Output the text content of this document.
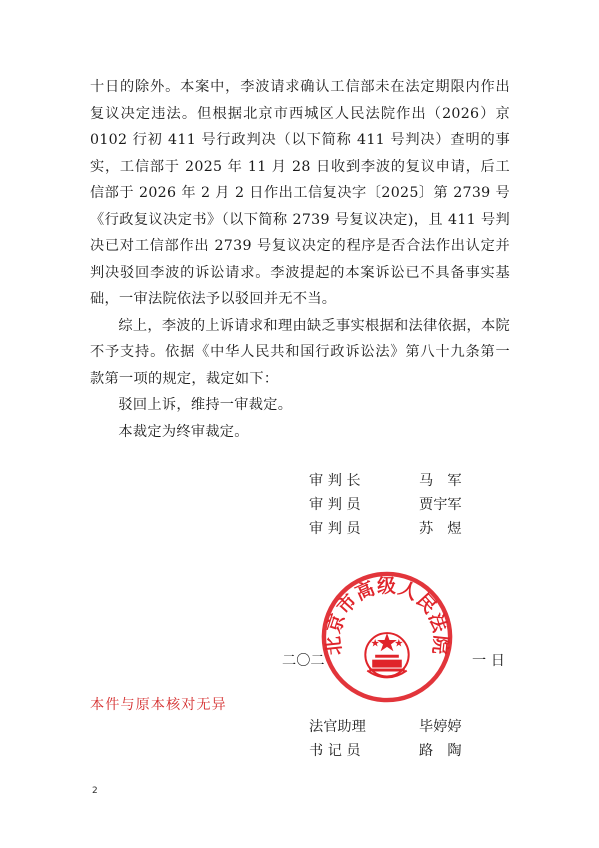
十日的除外。本案中，李波请求确认工信部未在法定期限内作出复议决定违法。但根据北京市西城区人民法院作出（2026）京 0102 行初 411 号行政判决（以下简称 411 号判决）查明的事实，工信部于 2025 年 11 月 28 日收到李波的复议申请，后工信部于 2026 年 2 月 2 日作出工信复决字〔2025〕第 2739 号《行政复议决定书》（以下简称 2739 号复议决定)，且 411 号判决已对工信部作出 2739 号复议决定的程序是否合法作出认定并判决驳回李波的诉讼请求。李波提起的本案诉讼已不具备事实基础，一审法院依法予以驳回并无不当。

综上，李波的上诉请求和理由缺乏事实根据和法律依据，本院不予支持。依据《中华人民共和国行政诉讼法》第八十九条第一款第一项的规定，裁定如下：

驳回上诉，维持一审裁定。

本裁定为终审裁定。

审 判 长	马　军
审 判 员	贾宇军
审 判 员	苏　煜
二〇二	一 日
北京市高级人民法院
本件与原本核对无异
法官助理	毕婷婷
书 记 员	路　陶
2
